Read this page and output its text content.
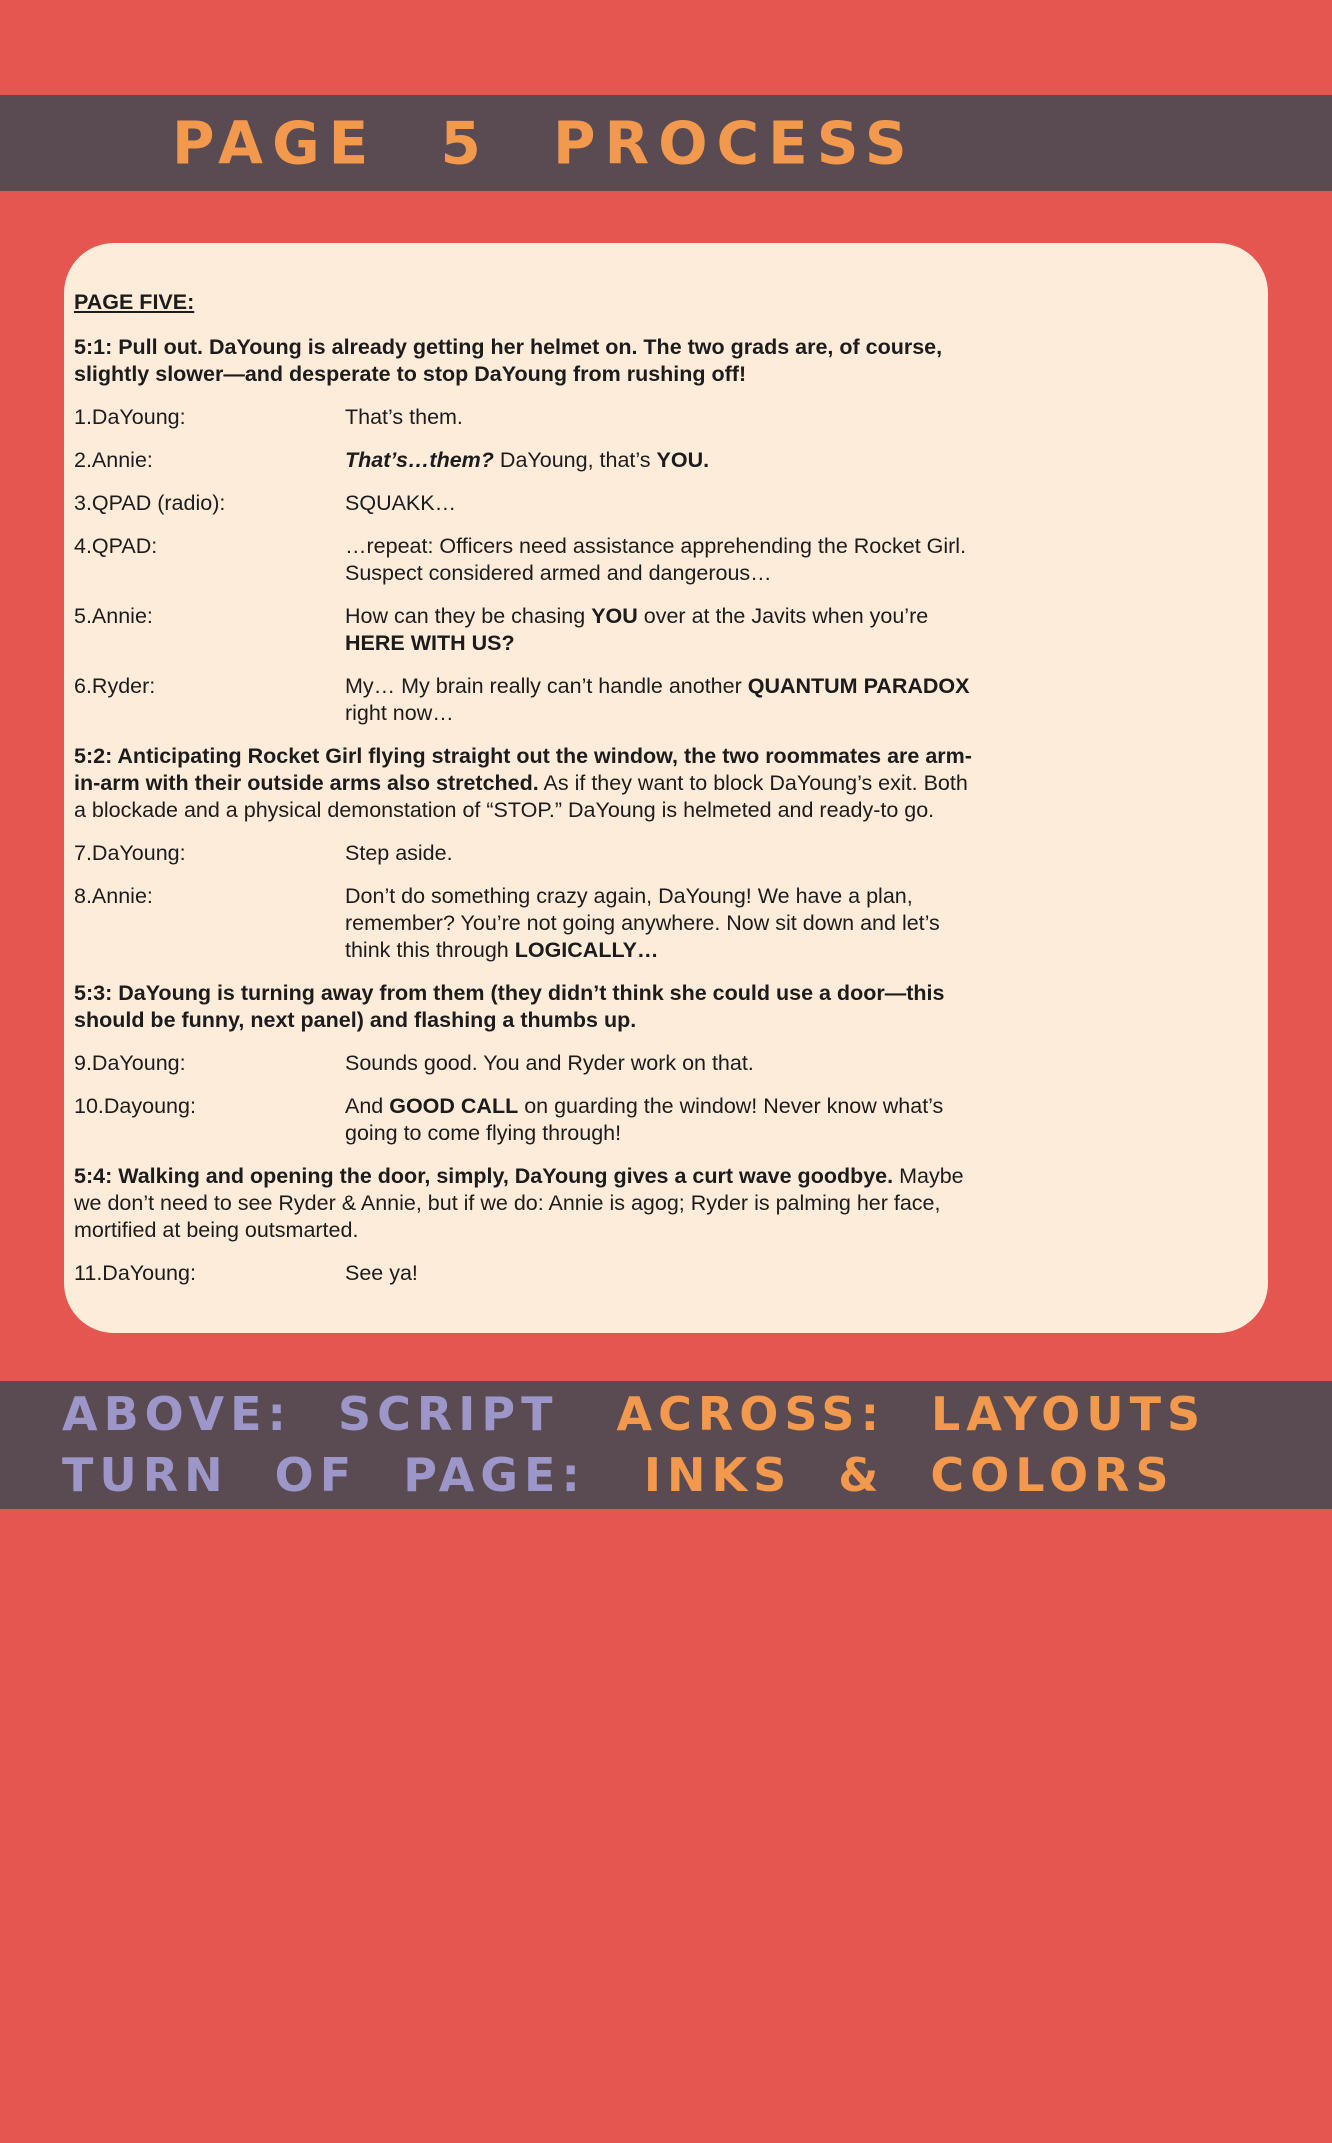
PAGE 5 PROCESS

PAGE FIVE:

5:1: Pull out. DaYoung is already getting her helmet on. The two grads are, of course, slightly slower—and desperate to stop DaYoung from rushing off!

1.DaYoung:	That’s them.
2.Annie:	That’s…them? DaYoung, that’s YOU.
3.QPAD (radio):	SQUAKK…
4.QPAD:	…repeat: Officers need assistance apprehending the Rocket Girl. Suspect considered armed and dangerous…
5.Annie:	How can they be chasing YOU over at the Javits when you’re HERE WITH US?
6.Ryder:	My… My brain really can’t handle another QUANTUM PARADOX right now…

5:2: Anticipating Rocket Girl flying straight out the window, the two roommates are arm-in-arm with their outside arms also stretched. As if they want to block DaYoung’s exit. Both a blockade and a physical demonstation of “STOP.” DaYoung is helmeted and ready-to go.

7.DaYoung:	Step aside.
8.Annie:	Don’t do something crazy again, DaYoung! We have a plan, remember? You’re not going anywhere. Now sit down and let’s think this through LOGICALLY…

5:3: DaYoung is turning away from them (they didn’t think she could use a door—this should be funny, next panel) and flashing a thumbs up.

9.DaYoung:	Sounds good. You and Ryder work on that.
10.Dayoung:	And GOOD CALL on guarding the window! Never know what’s going to come flying through!

5:4: Walking and opening the door, simply, DaYoung gives a curt wave goodbye. Maybe we don’t need to see Ryder & Annie, but if we do: Annie is agog; Ryder is palming her face, mortified at being outsmarted.

11.DaYoung:	See ya!
ABOVE: SCRIPT ACROSS: LAYOUTS
TURN OF PAGE: INKS & COLORS
